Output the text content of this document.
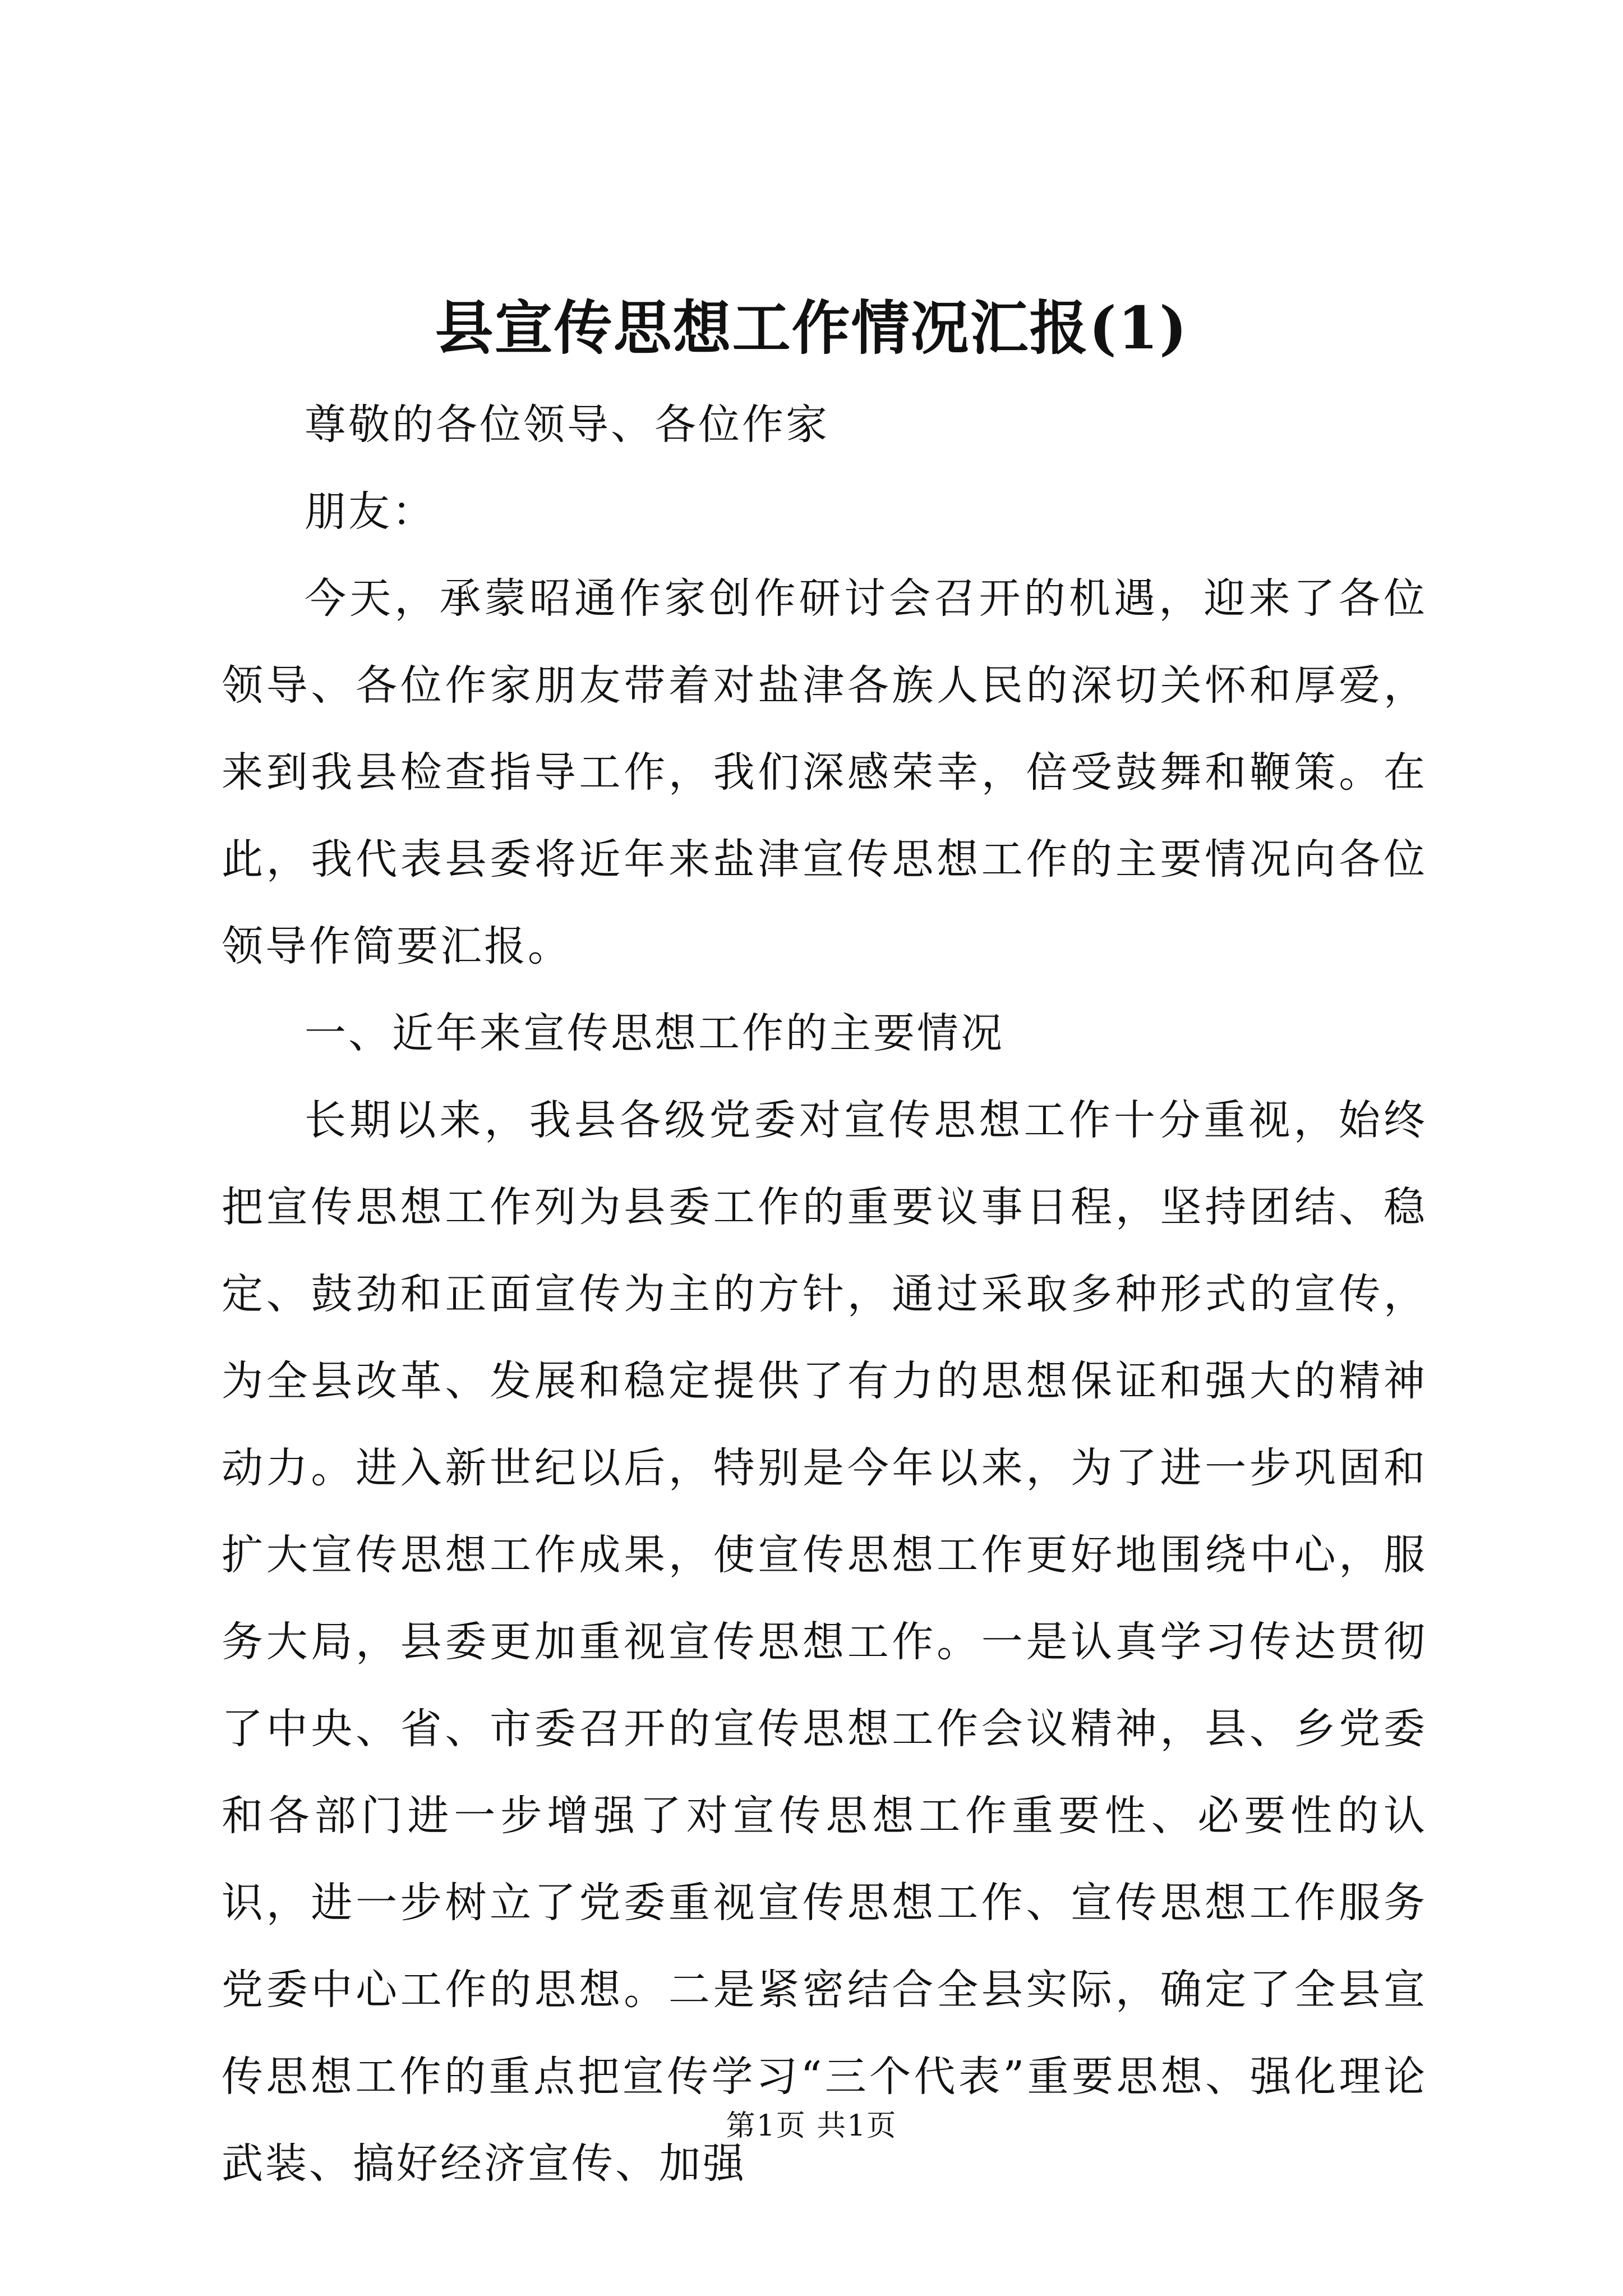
县宣传思想工作情况汇报(1)

尊敬的各位领导、各位作家

朋友：

今天，承蒙昭通作家创作研讨会召开的机遇，迎来了各位领导、各位作家朋友带着对盐津各族人民的深切关怀和厚爱，来到我县检查指导工作，我们深感荣幸，倍受鼓舞和鞭策。在此，我代表县委将近年来盐津宣传思想工作的主要情况向各位领导作简要汇报。

一、近年来宣传思想工作的主要情况

长期以来，我县各级党委对宣传思想工作十分重视，始终把宣传思想工作列为县委工作的重要议事日程，坚持团结、稳定、鼓劲和正面宣传为主的方针，通过采取多种形式的宣传，为全县改革、发展和稳定提供了有力的思想保证和强大的精神动力。进入新世纪以后，特别是今年以来，为了进一步巩固和扩大宣传思想工作成果，使宣传思想工作更好地围绕中心，服务大局，县委更加重视宣传思想工作。一是认真学习传达贯彻了中央、省、市委召开的宣传思想工作会议精神，县、乡党委和各部门进一步增强了对宣传思想工作重要性、必要性的认识，进一步树立了党委重视宣传思想工作、宣传思想工作服务党委中心工作的思想。二是紧密结合全县实际，确定了全县宣传思想工作的重点把宣传学习“三个代表”重要思想、强化理论武装、搞好经济宣传、加强

第1页 共1页
